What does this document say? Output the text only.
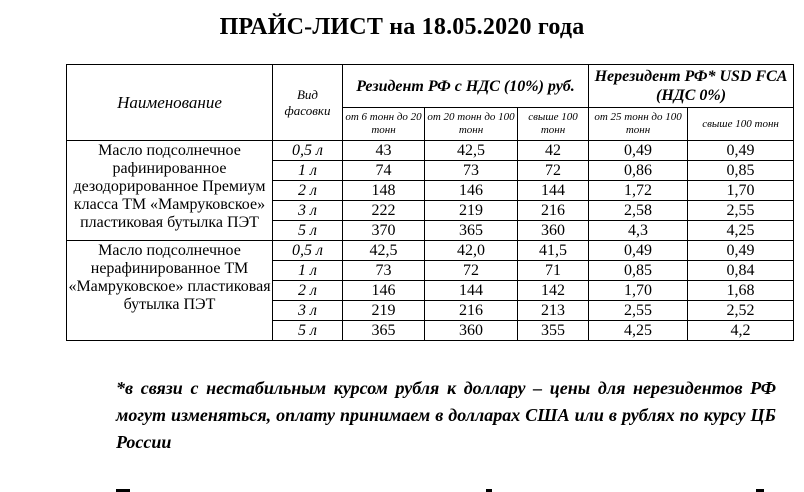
ПРАЙС-ЛИСТ на 18.05.2020 года
Наименование	Вид фасовки	Резидент РФ с НДС (10%) руб.			Нерезидент РФ* USD FCA (НДС 0%)	
		от 6 тонн до 20 тонн	от 20 тонн до 100 тонн	свыше 100 тонн	от 25 тонн до 100 тонн	свыше 100 тонн
Масло подсолнечное рафинированное дезодорированное Премиум класса ТМ «Мамруковское» пластиковая бутылка ПЭТ	0,5 л	43	42,5	42	0,49	0,49
	1 л	74	73	72	0,86	0,85
	2 л	148	146	144	1,72	1,70
	3 л	222	219	216	2,58	2,55
	5 л	370	365	360	4,3	4,25
Масло подсолнечное нерафинированное ТМ «Мамруковское» пластиковая бутылка ПЭТ	0,5 л	42,5	42,0	41,5	0,49	0,49
	1 л	73	72	71	0,85	0,84
	2 л	146	144	142	1,70	1,68
	3 л	219	216	213	2,55	2,52
	5 л	365	360	355	4,25	4,2
*в связи с нестабильным курсом рубля к доллару – цены для нерезидентов РФ могут изменяться, оплату принимаем в долларах США или в рублях по курсу ЦБ России
